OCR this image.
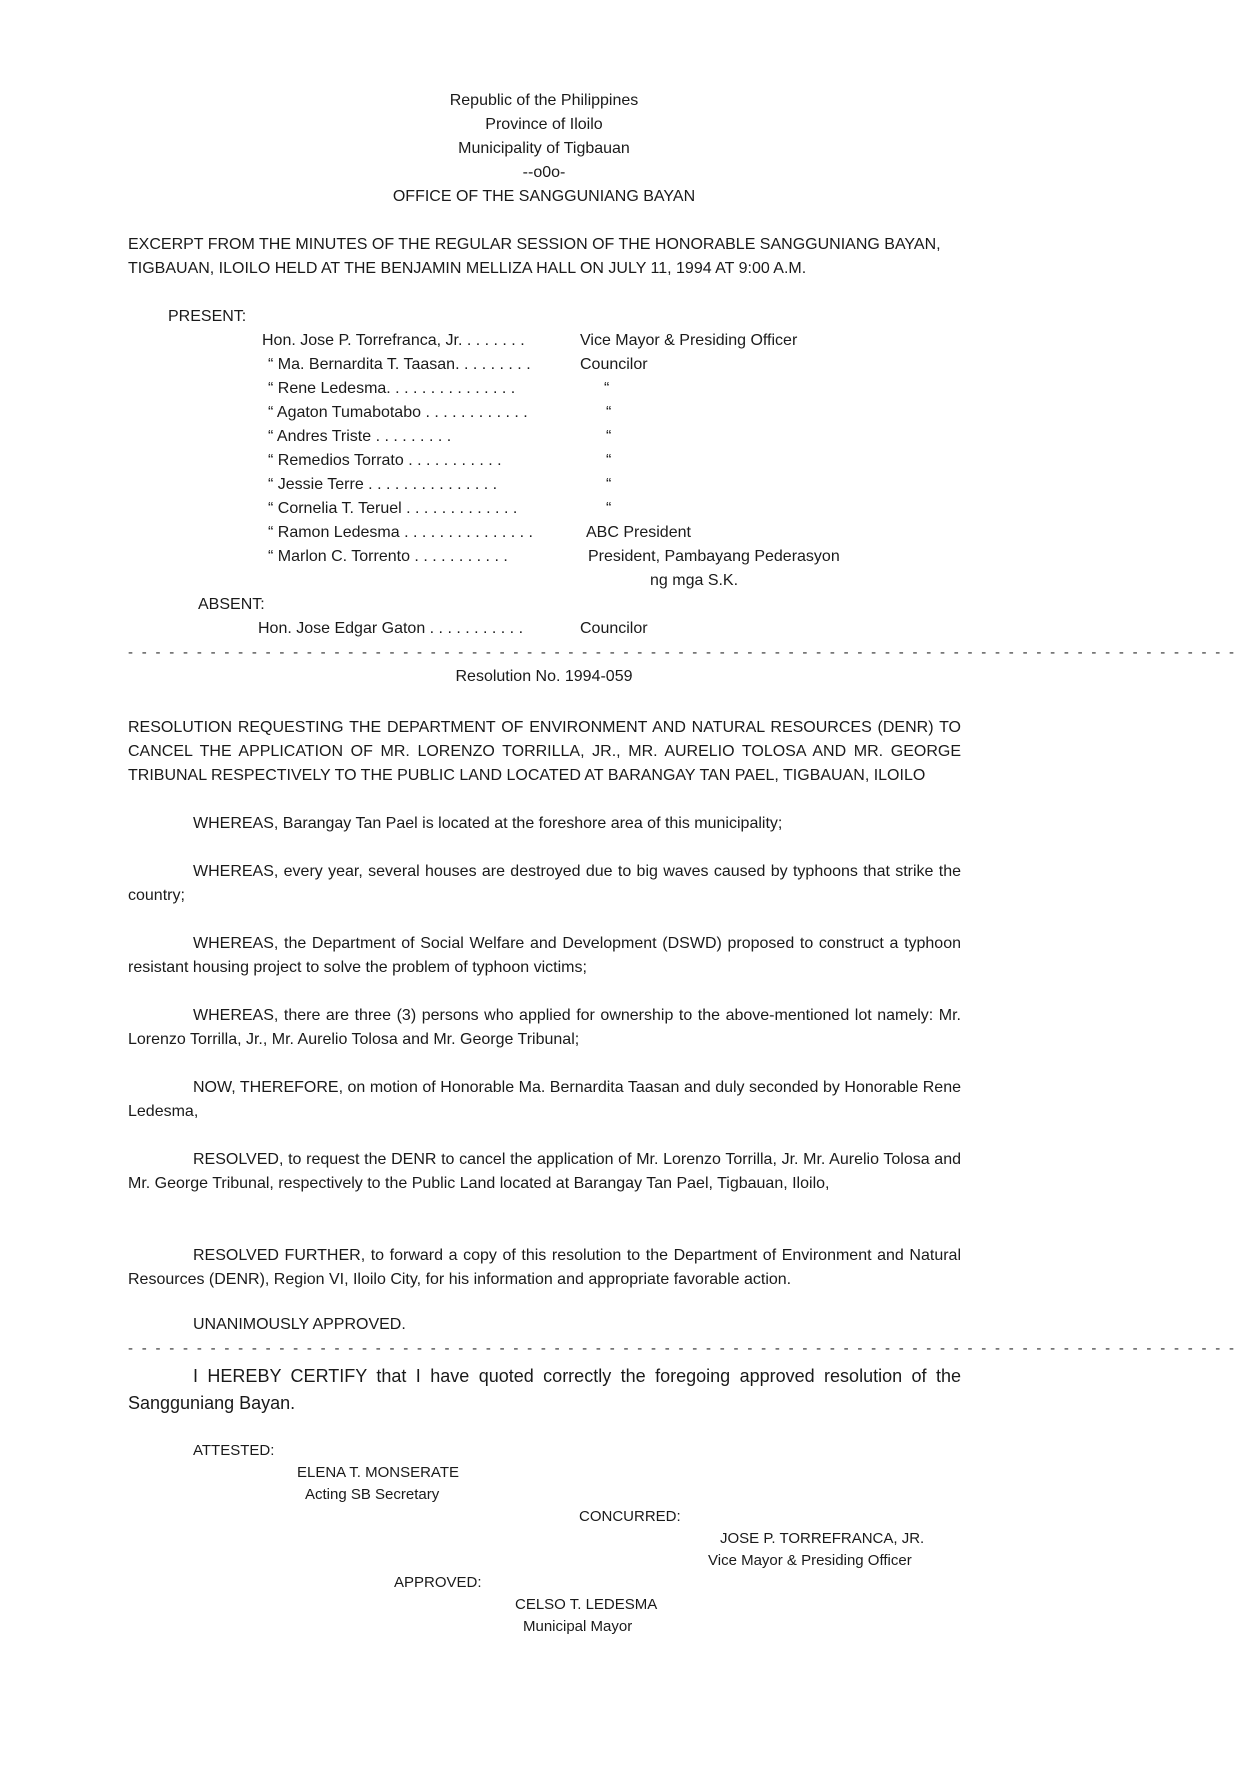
Republic of the Philippines
Province of Iloilo
Municipality of Tigbauan
--o0o-
OFFICE OF THE SANGGUNIANG BAYAN
EXCERPT FROM THE MINUTES OF THE REGULAR SESSION OF THE HONORABLE SANGGUNIANG BAYAN,
TIGBAUAN, ILOILO HELD AT THE BENJAMIN MELLIZA HALL ON JULY 11, 1994 AT 9:00 A.M.
PRESENT:
Hon. Jose P. Torrefranca, Jr. . . . . . . .	Vice Mayor & Presiding Officer
“ Ma. Bernardita T. Taasan. . . . . . . . .	Councilor
“ Rene Ledesma. . . . . . . . . . . . . . .	“
“ Agaton Tumabotabo . . . . . . . . . . . .	“
“ Andres Triste . . . . . . . . .	“
“ Remedios Torrato . . . . . . . . . . .	“
“ Jessie Terre . . . . . . . . . . . . . . .	“
“ Cornelia T. Teruel . . . . . . . . . . . . .	“
“ Ramon Ledesma . . . . . . . . . . . . . . .	ABC President
“ Marlon C. Torrento . . . . . . . . . . .	President, Pambayang Pederasyon
ng mga S.K.
ABSENT:
Hon. Jose Edgar Gaton . . . . . . . . . . .	Councilor
- - - - - - - - - - - - - - - - - - - - - - - - - - - - - - - - - - - - - - - - - - - - - - - - - - - - - - - - - - - - - - - - - - - - - - - - - - - - - - - - -
Resolution No. 1994-059
RESOLUTION REQUESTING THE DEPARTMENT OF ENVIRONMENT AND NATURAL RESOURCES (DENR) TO CANCEL THE APPLICATION OF MR. LORENZO TORRILLA, JR., MR. AURELIO TOLOSA AND MR. GEORGE TRIBUNAL RESPECTIVELY TO THE PUBLIC LAND LOCATED AT BARANGAY TAN PAEL, TIGBAUAN, ILOILO
WHEREAS, Barangay Tan Pael is located at the foreshore area of this municipality;
WHEREAS, every year, several houses are destroyed due to big waves caused by typhoons that strike the country;
WHEREAS, the Department of Social Welfare and Development (DSWD) proposed to construct a typhoon resistant housing project to solve the problem of typhoon victims;
WHEREAS, there are three (3) persons who applied for ownership to the above-mentioned lot namely: Mr. Lorenzo Torrilla, Jr., Mr. Aurelio Tolosa and Mr. George Tribunal;
NOW, THEREFORE, on motion of Honorable Ma. Bernardita Taasan and duly seconded by Honorable Rene Ledesma,
RESOLVED, to request the DENR to cancel the application of Mr. Lorenzo Torrilla, Jr. Mr. Aurelio Tolosa and Mr. George Tribunal, respectively to the Public Land located at Barangay Tan Pael, Tigbauan, Iloilo,
RESOLVED FURTHER, to forward a copy of this resolution to the Department of Environment and Natural Resources (DENR), Region VI, Iloilo City, for his information and appropriate favorable action.
UNANIMOUSLY APPROVED.
- - - - - - - - - - - - - - - - - - - - - - - - - - - - - - - - - - - - - - - - - - - - - - - - - - - - - - - - - - - - - - - - - - - - - - - - - - - - - - - - -
I HEREBY CERTIFY that I have quoted correctly the foregoing approved resolution of the Sangguniang Bayan.
ATTESTED:
ELENA T. MONSERATE
Acting SB Secretary
CONCURRED:
JOSE P. TORREFRANCA, JR.
Vice Mayor & Presiding Officer
APPROVED:
CELSO T. LEDESMA
Municipal Mayor
